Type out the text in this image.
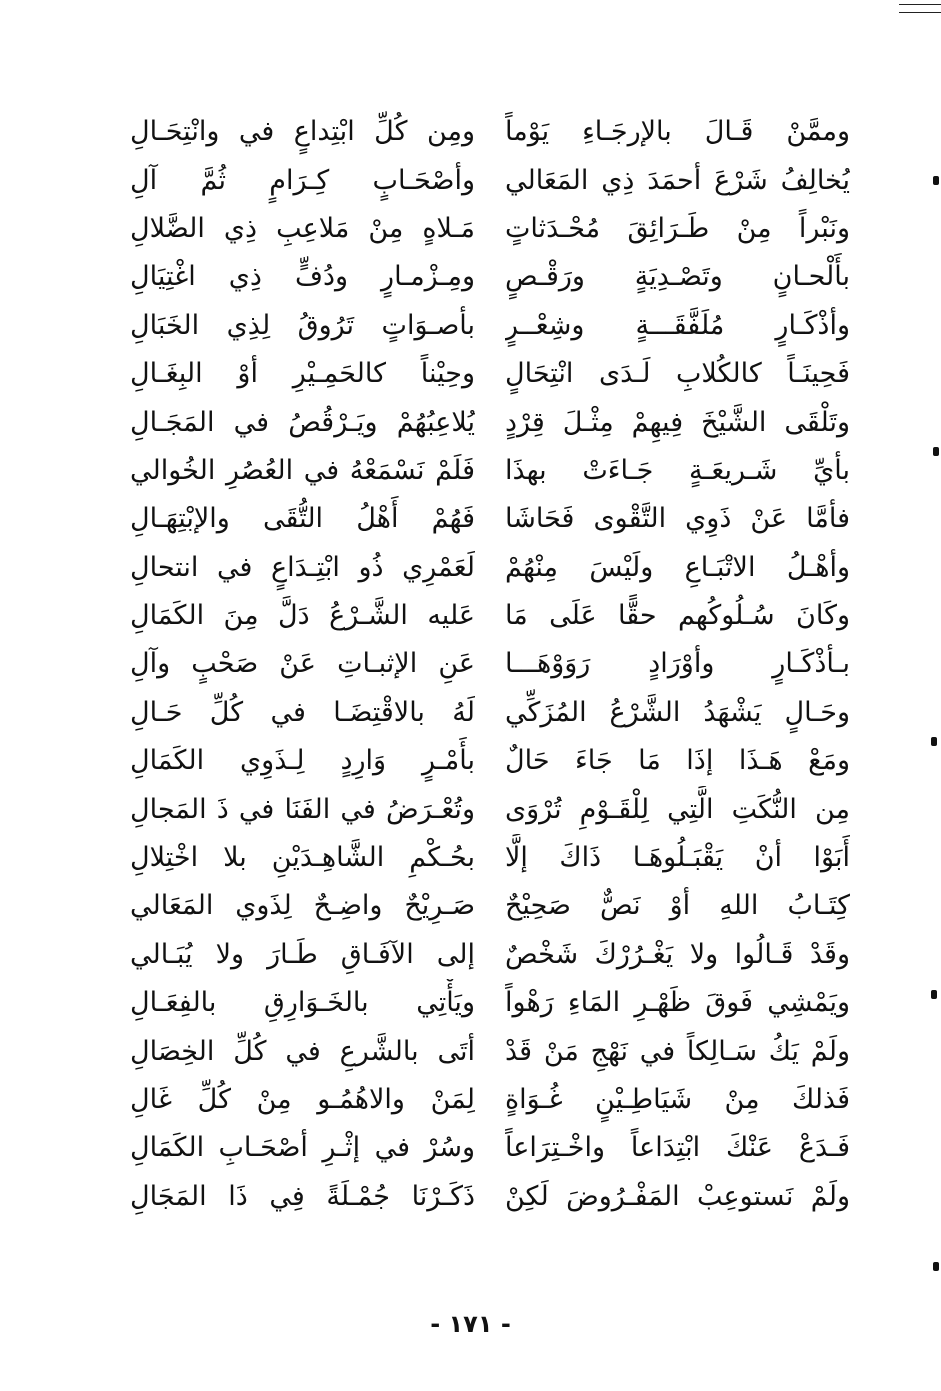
وممَّنْ قَـالَ بالإرجَـاءِ يَوْماً
ومِن كُلِّ ابْتِداعٍ في وانْتِحَـالِ
يُخالِفُ شَرْعَ أحمَدَ ذِي المَعَالي
وأصْحَـابٍ كِـرَامٍ ثُمَّ آلِ
ونَبْراً مِنْ طَـرَائِقَ مُحْـدَثاتٍ
مَـلاهٍ مِنْ مَلاعِبِ ذِي الضَّلالِ
بأَلْحـانٍ وتَصْـدِيَةٍ ورَقْـصٍ
ومِـزْمـارٍ ودُفٍّ ذِي اغْتِيَالِ
وأذْكَـارٍ مُلَفَّقَـــةٍ وشِعْــرٍ
بأصـوَاتٍ تَرُوقُ لِذِي الخَبَالِ
فَحِينَـاً كالكُلابِ لَـدَى انْتِحَالٍ
وحِيْناً كالحَمِـيْرِ أوْ البِغَـالِ
وتَلْقَى الشَّيْخَ فِيهِمْ مِثْـلَ قِرْدٍ
يُلاعِبُهُمْ ويَـرْقُصُ في المَجَـالِ
بأيِّ شَـريعَـةٍ جَـاءَتْ بهذَا
فَلَمْ نَسْمَعْهُ في العُصُرِ الخُوالي
فأمَّا عَنْ ذَوِي التَّقْوى فَحَاشَا
فَهُمْ أَهْلُ التُّقَى والإبْتِهَـالِ
وأهْـلُ الاتْبَـاعِ ولَيْسَ مِنْهُمْ
لَعَمْرِي ذُو ابْتِـدَاعٍ في انتحالِ
وكَانَ سُـلُوكُهم حقًّا عَلَى مَا
عَليه الشَّـرْعُ دَلَّ مِنَ الكَمَالِ
بـأذْكَـارٍ وأوْرَادٍ رَوَوْهَـــا
عَنِ الإثبـاتِ عَنْ صَحْبٍ وآلِ
وحَـالٍ يَشْهَدُ الشَّرْعُ المُزَكِّي
لَهُ بالاقْتِضَـا في كُلِّ حَـالِ
ومَعْ هَـذَا إذَا مَا جَاءَ حَالٌ
بأَمْـرٍ وَارِدٍ لِـذَوِي الكَمَالِ
مِن النُّكَتِ الَّتِي لِلْقَـوْمِ تُرْوَى
وتُعْـرَضُ في الفَنَا في ذَ المَجالِ
أَبَوْا أنْ يَقْبَـلُوهَـا ذَاكَ إلَّا
بحُـكْمِ الشَّاهِـدَيْنِ بلا اخْتِلالِ
كِتَـابُ اللهِ أوْ نَصٌّ صَحِيْحٌ
صَـرِيْحٌ واضِـحٌ لِذَوي المَعَالي
وقَدْ قَـالُوا ولا يَغْـرُرْكَ شَخْصٌ
إلى الآفَـاقِ طَـارَ ولا يُبَـالي
ويَمْشِي فَوقَ ظَهْـرِ المَاءِ رَهْواً
ويَأْتِي بالخَـوَارِقِ بالفِعَـالِ
ولَمْ يَكُ سَـالِكاً في نَهْجِ مَنْ قَدْ
أتَى بالشَّرعِ في كُلِّ الخِصَالِ
فَذلكَ مِنْ شَيَاطِـيْنٍ غُـوَاةٍ
لِمَنْ والاهُمُـو مِنْ كُلِّ غَالِ
فَـدَعْ عَنْكَ ابْتِدَاعاً واخْـتِرَاعاً
وسُرْ في إثْـرِ أصْحَـابِ الكَمَالِ
ولَمْ نَستوعِبْ المَفْـرُوضَ لَكِنْ
ذَكَـرْنَا جُمْـلَةً فِي ذَا المَجَالِ
- ١٧١ -
